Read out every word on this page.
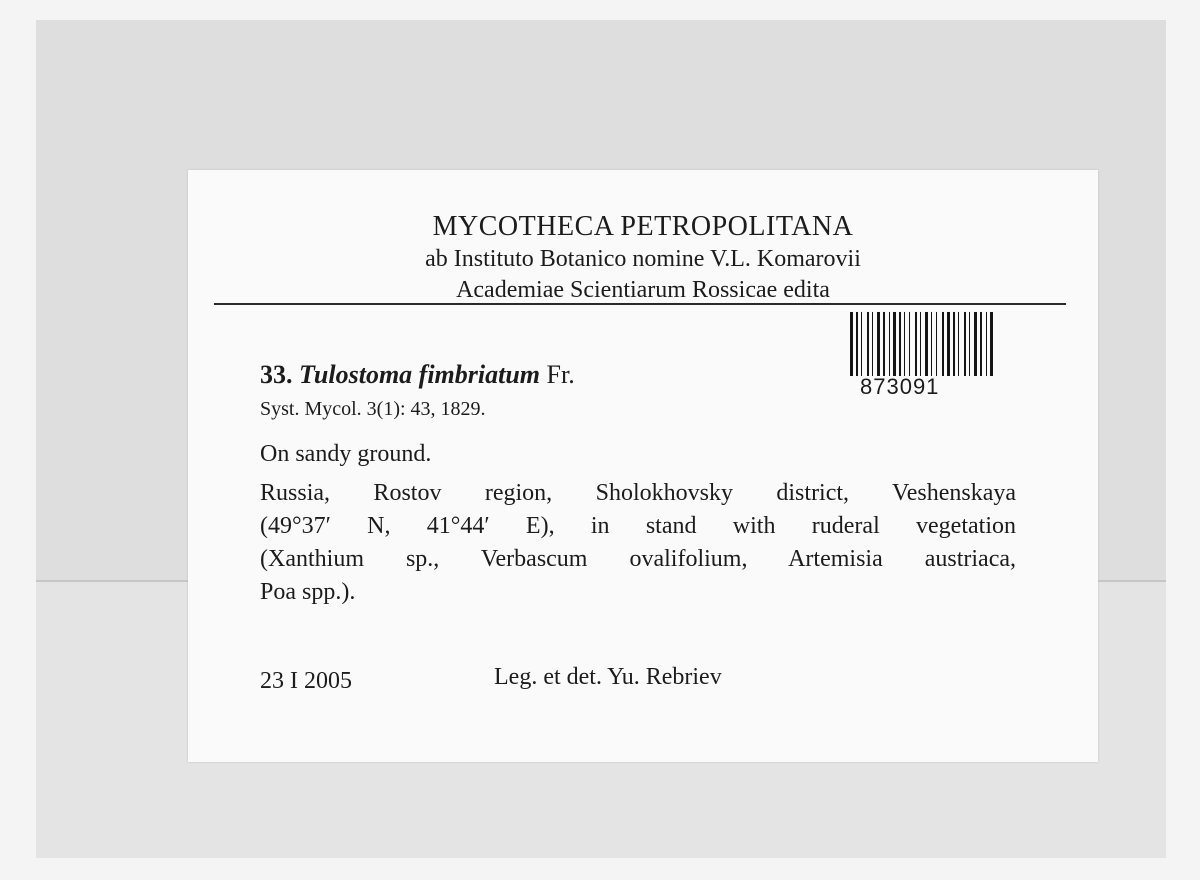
MYCOTHECA PETROPOLITANA
ab Instituto Botanico nomine V.L. Komarovii
Academiae Scientiarum Rossicae edita
873091
33. Tulostoma fimbriatum Fr.
Syst. Mycol. 3(1): 43, 1829.
On sandy ground.
Russia, Rostov region, Sholokhovsky district, Veshenskaya
(49°37′ N, 41°44′ E), in stand with ruderal vegetation
(Xanthium sp., Verbascum ovalifolium, Artemisia austriaca,
Poa spp.).
23 I 2005	Leg. et det. Yu. Rebriev
